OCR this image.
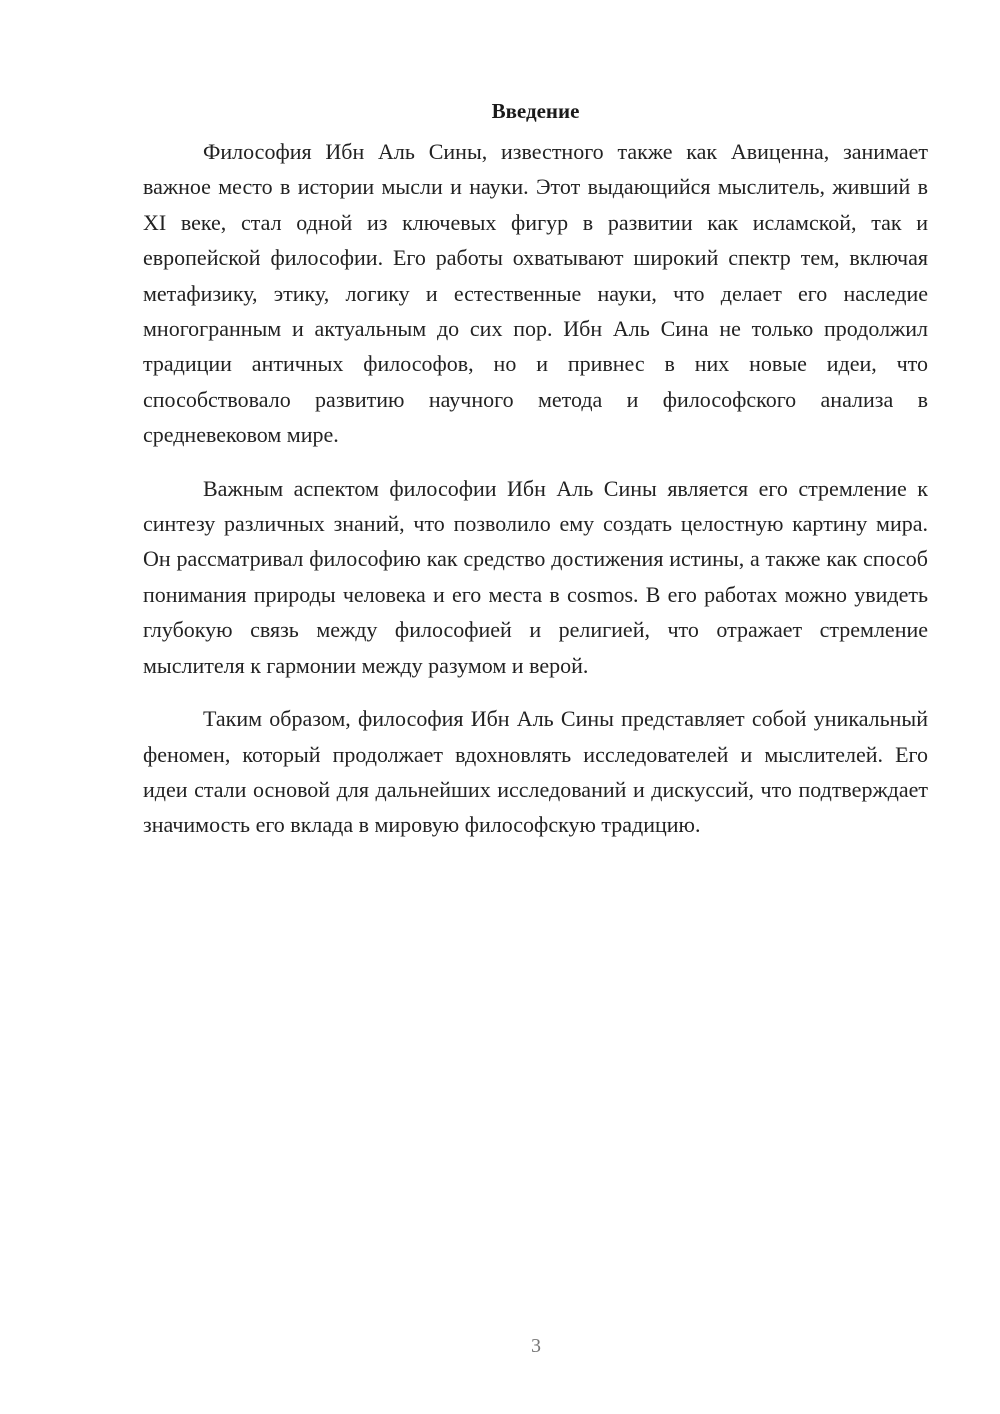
Введение

Философия Ибн Аль Сины, известного также как Авиценна, занимает важное место в истории мысли и науки. Этот выдающийся мыслитель, живший в XI веке, стал одной из ключевых фигур в развитии как исламской, так и европейской философии. Его работы охватывают широкий спектр тем, включая метафизику, этику, логику и естественные науки, что делает его наследие многогранным и актуальным до сих пор. Ибн Аль Сина не только продолжил традиции античных философов, но и привнес в них новые идеи, что способствовало развитию научного метода и философского анализа в средневековом мире.

Важным аспектом философии Ибн Аль Сины является его стремление к синтезу различных знаний, что позволило ему создать целостную картину мира. Он рассматривал философию как средство достижения истины, а также как способ понимания природы человека и его места в cosmos. В его работах можно увидеть глубокую связь между философией и религией, что отражает стремление мыслителя к гармонии между разумом и верой.

Таким образом, философия Ибн Аль Сины представляет собой уникальный феномен, который продолжает вдохновлять исследователей и мыслителей. Его идеи стали основой для дальнейших исследований и дискуссий, что подтверждает значимость его вклада в мировую философскую традицию.

3
